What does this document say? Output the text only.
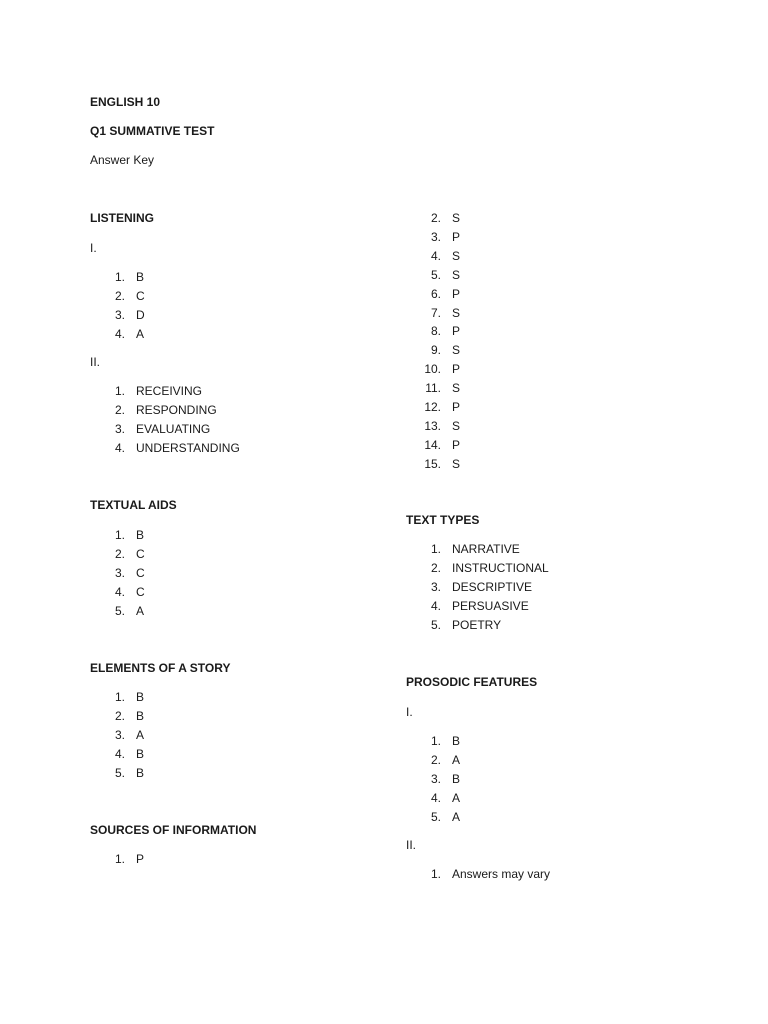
ENGLISH 10
Q1 SUMMATIVE TEST
Answer Key
LISTENING
I.
1. B
2. C
3. D
4. A
II.
1. RECEIVING
2. RESPONDING
3. EVALUATING
4. UNDERSTANDING
TEXTUAL AIDS
1. B
2. C
3. C
4. C
5. A
ELEMENTS OF A STORY
1. B
2. B
3. A
4. B
5. B
SOURCES OF INFORMATION
1. P
2. S
3. P
4. S
5. S
6. P
7. S
8. P
9. S
10. P
11. S
12. P
13. S
14. P
15. S
TEXT TYPES
1. NARRATIVE
2. INSTRUCTIONAL
3. DESCRIPTIVE
4. PERSUASIVE
5. POETRY
PROSODIC FEATURES
I.
1. B
2. A
3. B
4. A
5. A
II.
1. Answers may vary
